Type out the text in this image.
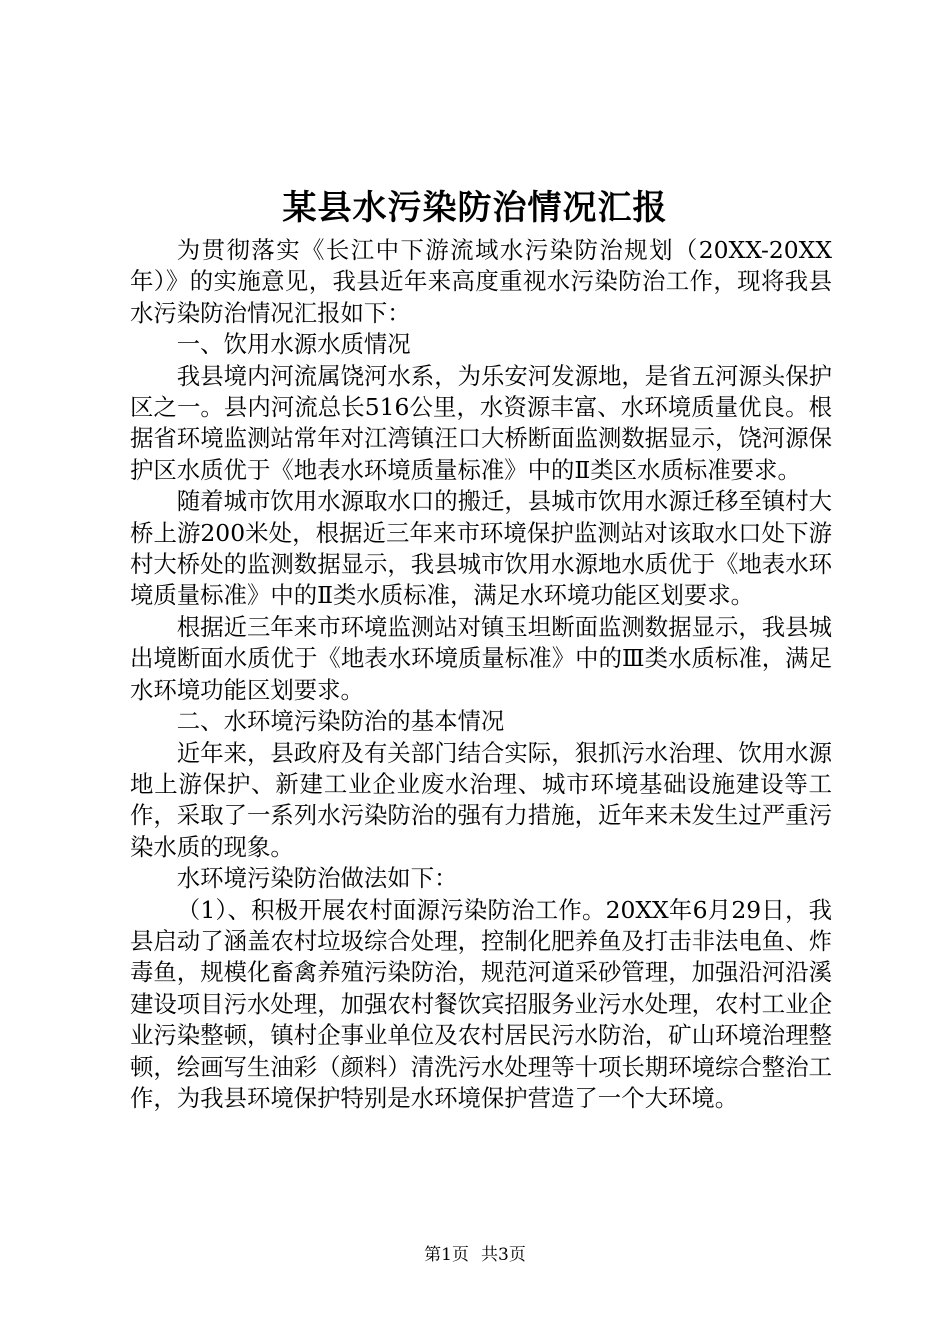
某县水污染防治情况汇报

为贯彻落实《长江中下游流域水污染防治规划（20XX-20XX年）》的实施意见，我县近年来高度重视水污染防治工作，现将我县水污染防治情况汇报如下：

一、饮用水源水质情况

我县境内河流属饶河水系，为乐安河发源地，是省五河源头保护区之一。县内河流总长516公里，水资源丰富、水环境质量优良。根据省环境监测站常年对江湾镇汪口大桥断面监测数据显示，饶河源保护区水质优于《地表水环境质量标准》中的Ⅱ类区水质标准要求。

随着城市饮用水源取水口的搬迁，县城市饮用水源迁移至镇村大桥上游200米处，根据近三年来市环境保护监测站对该取水口处下游村大桥处的监测数据显示，我县城市饮用水源地水质优于《地表水环境质量标准》中的Ⅱ类水质标准，满足水环境功能区划要求。

根据近三年来市环境监测站对镇玉坦断面监测数据显示，我县城出境断面水质优于《地表水环境质量标准》中的Ⅲ类水质标准，满足水环境功能区划要求。

二、水环境污染防治的基本情况

近年来，县政府及有关部门结合实际，狠抓污水治理、饮用水源地上游保护、新建工业企业废水治理、城市环境基础设施建设等工作，采取了一系列水污染防治的强有力措施，近年来未发生过严重污染水质的现象。

水环境污染防治做法如下：

（1）、积极开展农村面源污染防治工作。20XX年6月29日，我县启动了涵盖农村垃圾综合处理，控制化肥养鱼及打击非法电鱼、炸毒鱼，规模化畜禽养殖污染防治，规范河道采砂管理，加强沿河沿溪建设项目污水处理，加强农村餐饮宾招服务业污水处理，农村工业企业污染整顿，镇村企事业单位及农村居民污水防治，矿山环境治理整顿，绘画写生油彩（颜料）清洗污水处理等十项长期环境综合整治工作，为我县环境保护特别是水环境保护营造了一个大环境。

第1页 共3页
